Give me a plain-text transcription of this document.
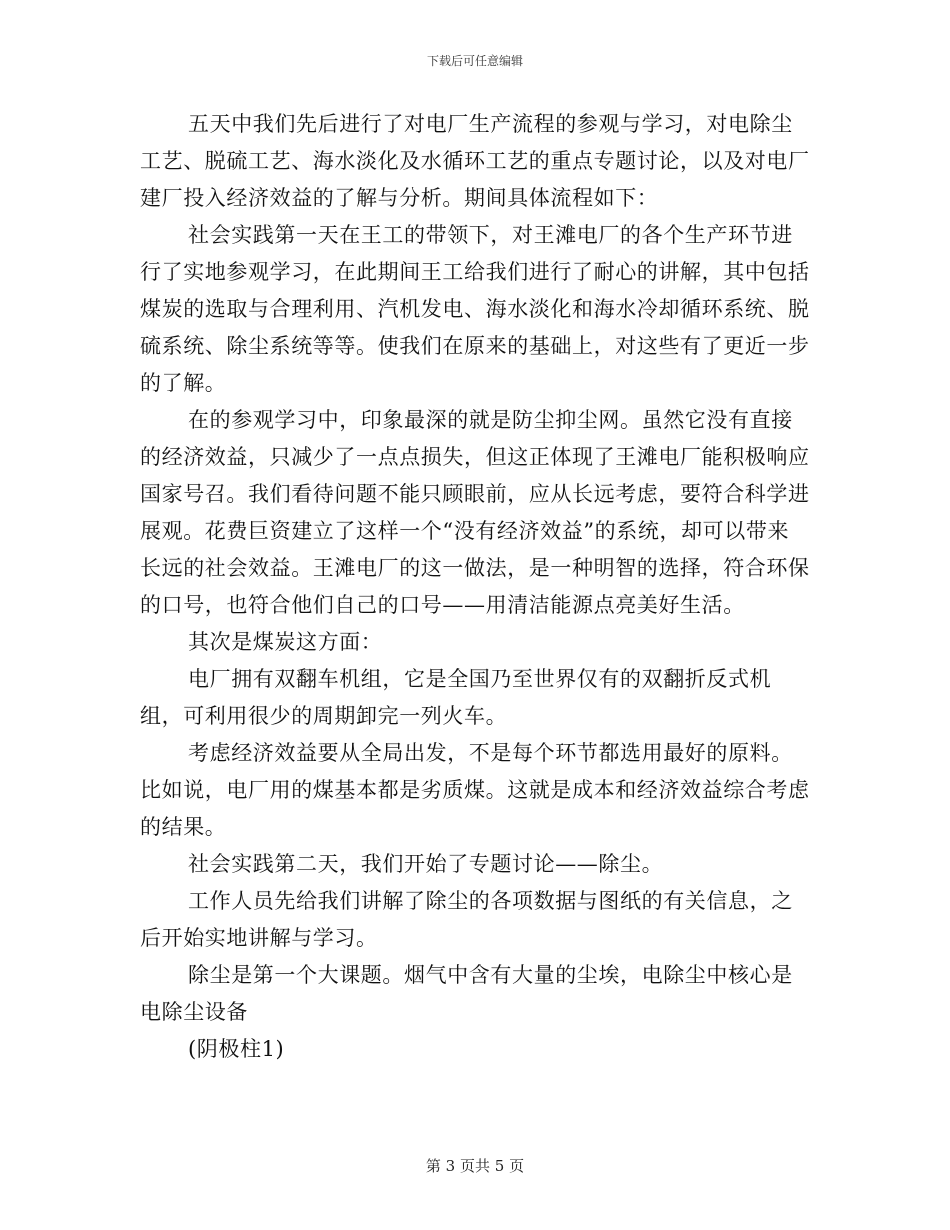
下载后可任意编辑

五天中我们先后进行了对电厂生产流程的参观与学习，对电除尘工艺、脱硫工艺、海水淡化及水循环工艺的重点专题讨论，以及对电厂建厂投入经济效益的了解与分析。期间具体流程如下：

社会实践第一天在王工的带领下，对王滩电厂的各个生产环节进行了实地参观学习，在此期间王工给我们进行了耐心的讲解，其中包括煤炭的选取与合理利用、汽机发电、海水淡化和海水冷却循环系统、脱硫系统、除尘系统等等。使我们在原来的基础上，对这些有了更近一步的了解。

在的参观学习中，印象最深的就是防尘抑尘网。虽然它没有直接的经济效益，只减少了一点点损失，但这正体现了王滩电厂能积极响应国家号召。我们看待问题不能只顾眼前，应从长远考虑，要符合科学进展观。花费巨资建立了这样一个“没有经济效益”的系统，却可以带来长远的社会效益。王滩电厂的这一做法，是一种明智的选择，符合环保的口号，也符合他们自己的口号——用清洁能源点亮美好生活。

其次是煤炭这方面：

电厂拥有双翻车机组，它是全国乃至世界仅有的双翻折反式机组，可利用很少的周期卸完一列火车。

考虑经济效益要从全局出发，不是每个环节都选用最好的原料。比如说，电厂用的煤基本都是劣质煤。这就是成本和经济效益综合考虑的结果。

社会实践第二天，我们开始了专题讨论——除尘。

工作人员先给我们讲解了除尘的各项数据与图纸的有关信息，之后开始实地讲解与学习。

除尘是第一个大课题。烟气中含有大量的尘埃，电除尘中核心是电除尘设备

(阴极柱1)

第 3 页共 5 页
